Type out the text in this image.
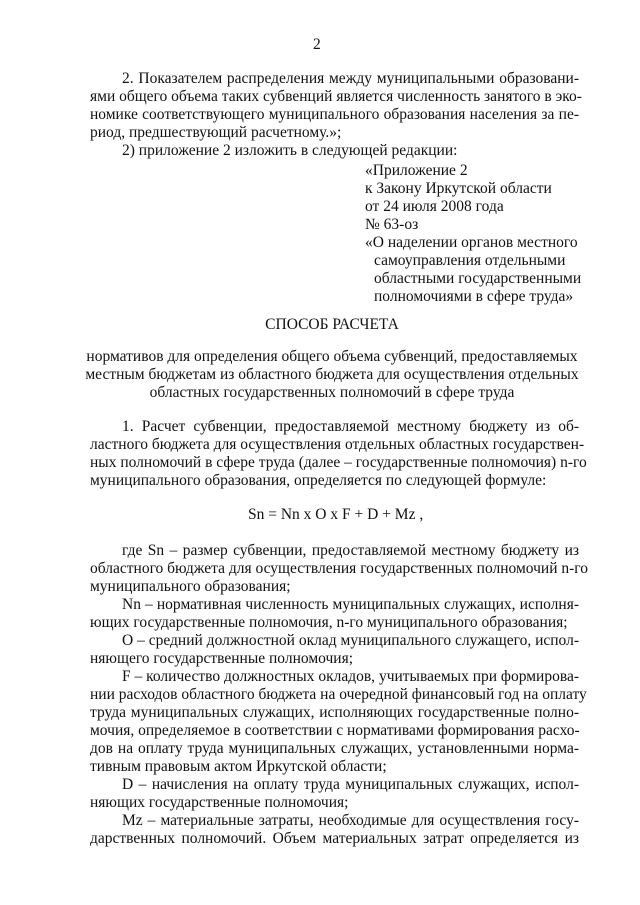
2
2. Показателем распределения между муниципальными образовани-
ями общего объема таких субвенций является численность занятого в эко-
номике соответствующего муниципального образования населения за пе-
риод, предшествующий расчетному.»;
2) приложение 2 изложить в следующей редакции:
«Приложение 2
к Закону Иркутской области
от 24 июля 2008 года
№ 63-оз
«О наделении органов местного
самоуправления отдельными
областными государственными
полномочиями в сфере труда»
СПОСОБ РАСЧЕТА
нормативов для определения общего объема субвенций, предоставляемых
местным бюджетам из областного бюджета для осуществления отдельных
областных государственных полномочий в сфере труда
1. Расчет субвенции, предоставляемой местному бюджету из об-
ластного бюджета для осуществления отдельных областных государствен-
ных полномочий в сфере труда (далее – государственные полномочия) n-го
муниципального образования, определяется по следующей формуле:
Sn = Nn x O x F + D + Mz ,
где Sn – размер субвенции, предоставляемой местному бюджету из
областного бюджета для осуществления государственных полномочий n-го
муниципального образования;
Nn – нормативная численность муниципальных служащих, исполня-
ющих государственные полномочия, n-го муниципального образования;
O – средний должностной оклад муниципального служащего, испол-
няющего государственные полномочия;
F – количество должностных окладов, учитываемых при формирова-
нии расходов областного бюджета на очередной финансовый год на оплату
труда муниципальных служащих, исполняющих государственные полно-
мочия, определяемое в соответствии с нормативами формирования расхо-
дов на оплату труда муниципальных служащих, установленными норма-
тивным правовым актом Иркутской области;
D – начисления на оплату труда муниципальных служащих, испол-
няющих государственные полномочия;
Mz – материальные затраты, необходимые для осуществления госу-
дарственных полномочий. Объем материальных затрат определяется из
